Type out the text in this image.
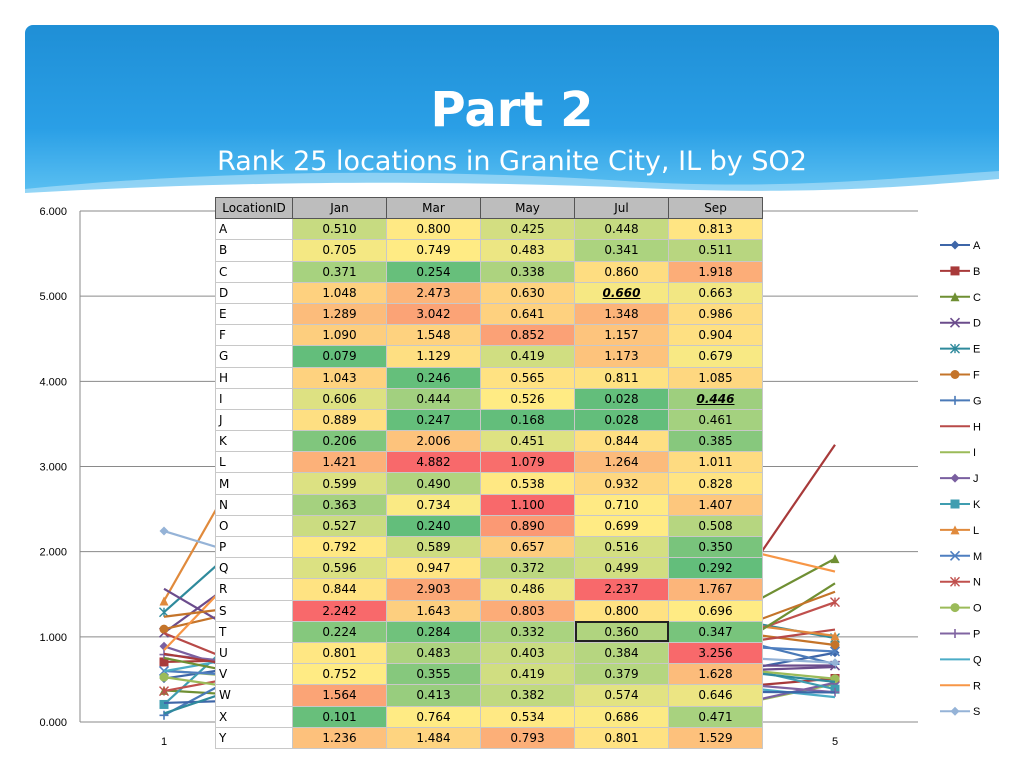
Part 2
Rank 25 locations in Granite City, IL by SO2
0.000
1.000
2.000
3.000
4.000
5.000
6.000
1	5
A
B
C
D
E
F
G
H
I
J
K
L
M
N
O
P
Q
R
S
LocationID	Jan	Mar	May	Jul	Sep
A	0.510	0.800	0.425	0.448	0.813
B	0.705	0.749	0.483	0.341	0.511
C	0.371	0.254	0.338	0.860	1.918
D	1.048	2.473	0.630	0.660	0.663
E	1.289	3.042	0.641	1.348	0.986
F	1.090	1.548	0.852	1.157	0.904
G	0.079	1.129	0.419	1.173	0.679
H	1.043	0.246	0.565	0.811	1.085
I	0.606	0.444	0.526	0.028	0.446
J	0.889	0.247	0.168	0.028	0.461
K	0.206	2.006	0.451	0.844	0.385
L	1.421	4.882	1.079	1.264	1.011
M	0.599	0.490	0.538	0.932	0.828
N	0.363	0.734	1.100	0.710	1.407
O	0.527	0.240	0.890	0.699	0.508
P	0.792	0.589	0.657	0.516	0.350
Q	0.596	0.947	0.372	0.499	0.292
R	0.844	2.903	0.486	2.237	1.767
S	2.242	1.643	0.803	0.800	0.696
T	0.224	0.284	0.332	0.360	0.347
U	0.801	0.483	0.403	0.384	3.256
V	0.752	0.355	0.419	0.379	1.628
W	1.564	0.413	0.382	0.574	0.646
X	0.101	0.764	0.534	0.686	0.471
Y	1.236	1.484	0.793	0.801	1.529
